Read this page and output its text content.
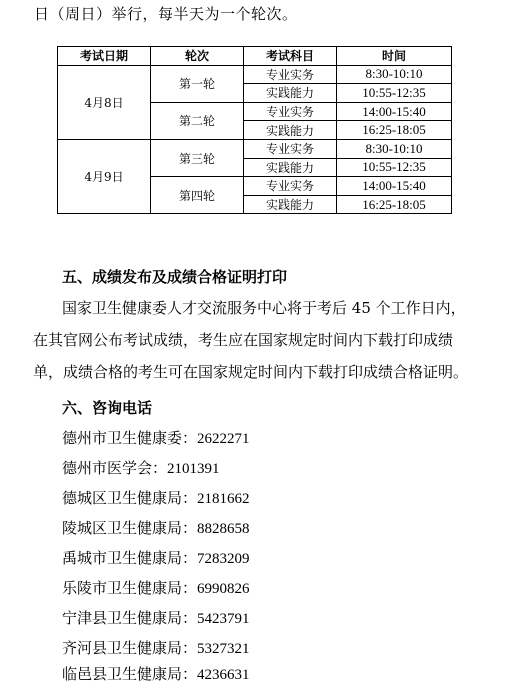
日（周日）举行，每半天为一个轮次。
考试日期	轮次	考试科目	时间
4月8日	第一轮	专业实务	8:30-10:10
		实践能力	10:55-12:35
	第二轮	专业实务	14:00-15:40
		实践能力	16:25-18:05
4月9日	第三轮	专业实务	8:30-10:10
		实践能力	10:55-12:35
	第四轮	专业实务	14:00-15:40
		实践能力	16:25-18:05
五、成绩发布及成绩合格证明打印
国家卫生健康委人才交流服务中心将于考后 45 个工作日内，
在其官网公布考试成绩，考生应在国家规定时间内下载打印成绩
单，成绩合格的考生可在国家规定时间内下载打印成绩合格证明。
六、咨询电话
德州市卫生健康委：2622271
德州市医学会：2101391
德城区卫生健康局：2181662
陵城区卫生健康局：8828658
禹城市卫生健康局：7283209
乐陵市卫生健康局：6990826
宁津县卫生健康局：5423791
齐河县卫生健康局：5327321
临邑县卫生健康局：4236631
